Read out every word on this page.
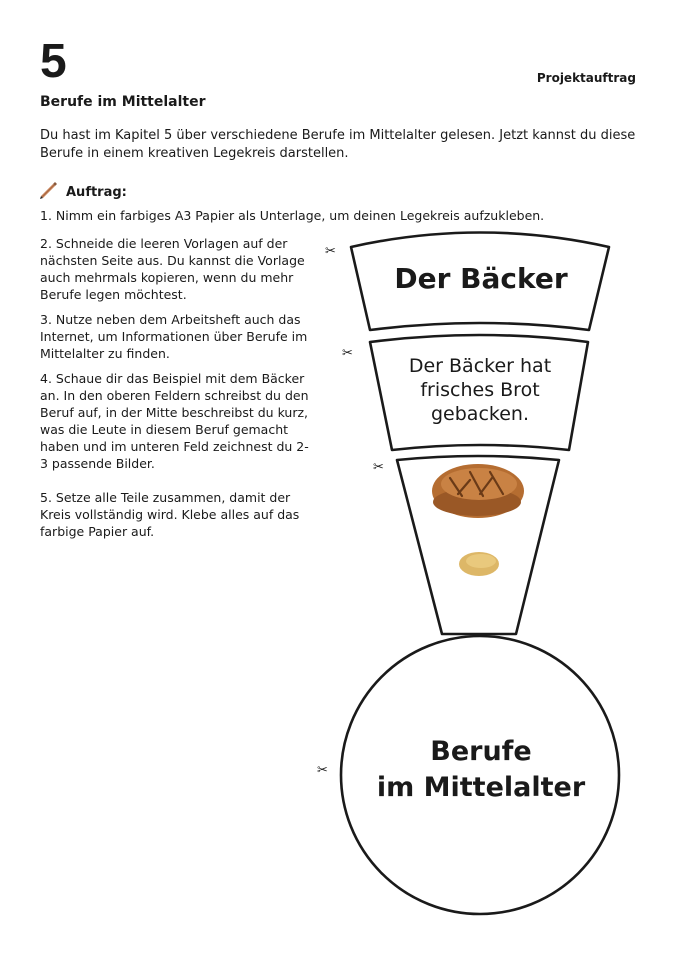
5	Projektauftrag
Berufe im Mittelalter
Du hast im Kapitel 5 über verschiedene Berufe im Mittelalter gelesen. Jetzt kannst du diese Berufe in einem kreativen Legekreis darstellen.
Auftrag:
1. Nimm ein farbiges A3 Papier als Unterlage, um deinen Legekreis aufzukleben.

2. Schneide die leeren Vorlagen auf der nächsten Seite aus. Du kannst die Vorlage auch mehrmals kopieren, wenn du mehr Berufe legen möchtest.

3. Nutze neben dem Arbeitsheft auch das Internet, um Informationen über Berufe im Mittelalter zu finden.

4. Schaue dir das Beispiel mit dem Bäcker an. In den oberen Feldern schreibst du den Beruf auf, in der Mitte beschreibst du kurz, was die Leute in diesem Beruf gemacht haben und im unteren Feld zeichnest du 2-3 passende Bilder.

5. Setze alle Teile zusammen, damit der Kreis vollständig wird. Klebe alles auf das farbige Papier auf.

Der Bäcker
Der Bäcker hat frisches Brot gebacken.
Berufe
im Mittelalter
✂
✂
✂
✂
